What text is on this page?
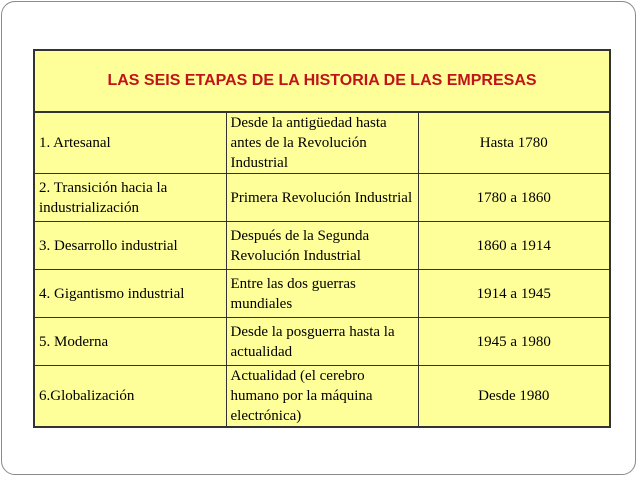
LAS SEIS ETAPAS DE LA HISTORIA DE LAS EMPRESAS		
1. Artesanal	Desde la antigüedad hasta antes de la Revolución Industrial	Hasta 1780
2. Transición hacia la industrialización	Primera Revolución Industrial	1780 a 1860
3. Desarrollo industrial	Después de la Segunda Revolución Industrial	1860 a 1914
4. Gigantismo industrial	Entre las dos guerras mundiales	1914 a 1945
5. Moderna	Desde la posguerra hasta la actualidad	1945 a 1980
6.Globalización	Actualidad (el cerebro humano por la máquina electrónica)	Desde 1980
